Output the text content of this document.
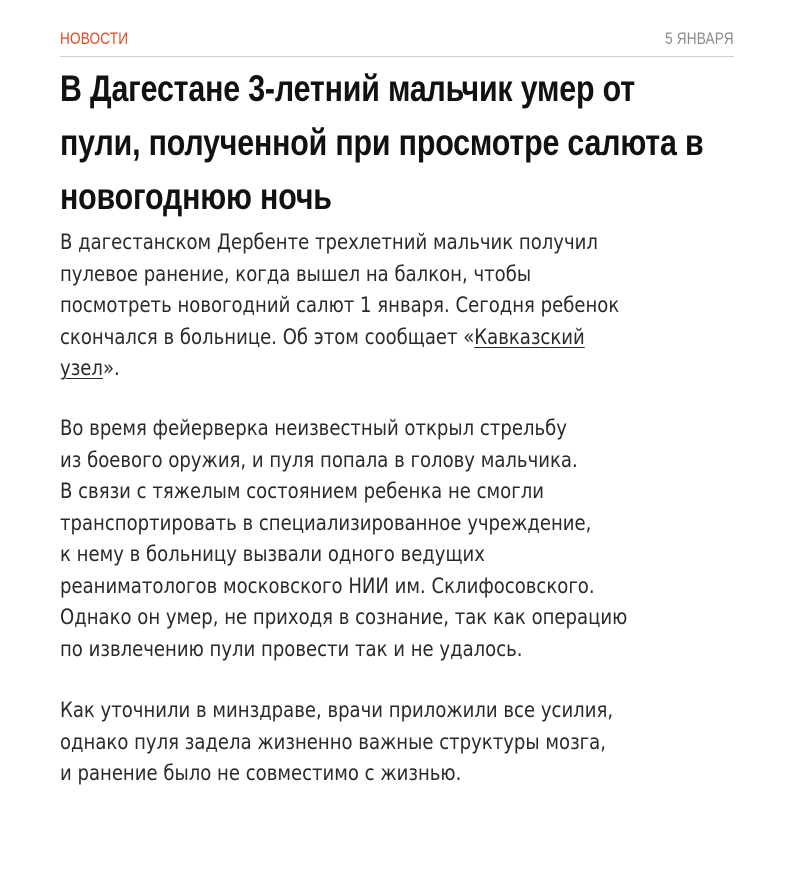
НОВОСТИ	5 ЯНВАРЯ
В Дагестане 3-летний мальчик умер от
пули, полученной при просмотре салюта в
новогоднюю ночь

В дагестанском Дербенте трехлетний мальчик получил
пулевое ранение, когда вышел на балкон, чтобы
посмотреть новогодний салют 1 января. Сегодня ребенок
скончался в больнице. Об этом сообщает «Кавказский
узел».

Во время фейерверка неизвестный открыл стрельбу
из боевого оружия, и пуля попала в голову мальчика.
В связи с тяжелым состоянием ребенка не смогли
транспортировать в специализированное учреждение,
к нему в больницу вызвали одного ведущих
реаниматологов московского НИИ им. Склифосовского.
Однако он умер, не приходя в сознание, так как операцию
по извлечению пули провести так и не удалось.

Как уточнили в минздраве, врачи приложили все усилия,
однако пуля задела жизненно важные структуры мозга,
и ранение было не совместимо с жизнью.
